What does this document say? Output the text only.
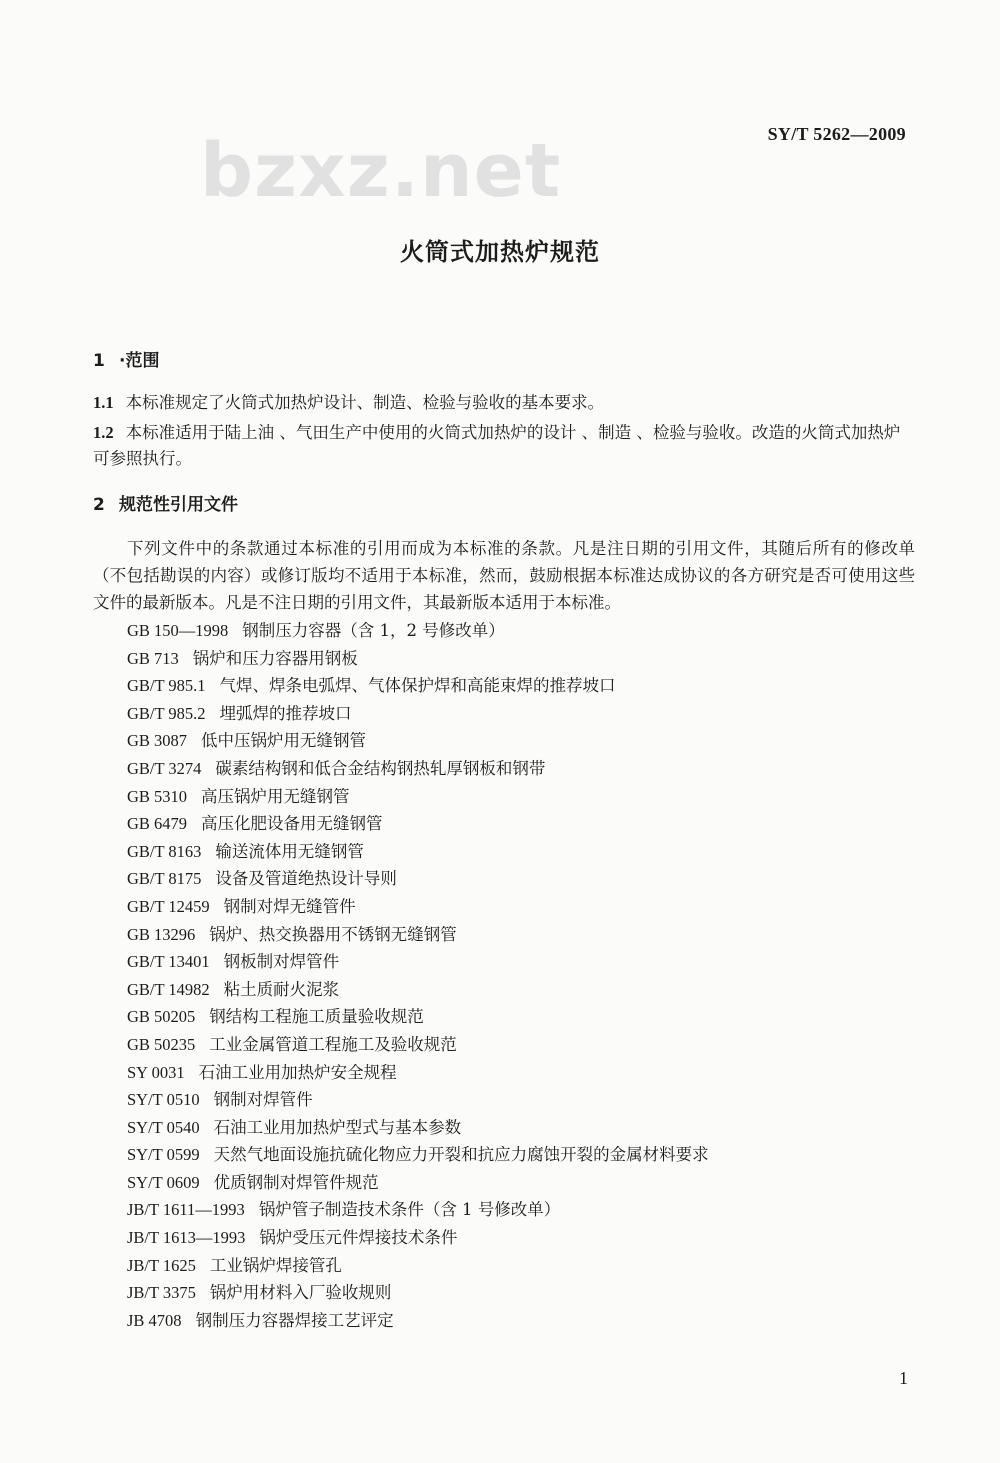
SY/T 5262—2009
bzxz.net
火筒式加热炉规范
1 ·范围
1.1 本标准规定了火筒式加热炉设计、制造、检验与验收的基本要求。
1.2 本标准适用于陆上油 、气田生产中使用的火筒式加热炉的设计 、制造 、检验与验收。改造的火筒式加热炉可参照执行。
2 规范性引用文件
下列文件中的条款通过本标准的引用而成为本标准的条款。凡是注日期的引用文件，其随后所有的修改单（不包括勘误的内容）或修订版均不适用于本标准，然而，鼓励根据本标准达成协议的各方研究是否可使用这些文件的最新版本。凡是不注日期的引用文件，其最新版本适用于本标准。
GB 150—1998 钢制压力容器（含 1，2 号修改单）
GB 713 锅炉和压力容器用钢板
GB/T 985.1 气焊、焊条电弧焊、气体保护焊和高能束焊的推荐坡口
GB/T 985.2 埋弧焊的推荐坡口
GB 3087 低中压锅炉用无缝钢管
GB/T 3274 碳素结构钢和低合金结构钢热轧厚钢板和钢带
GB 5310 高压锅炉用无缝钢管
GB 6479 高压化肥设备用无缝钢管
GB/T 8163 输送流体用无缝钢管
GB/T 8175 设备及管道绝热设计导则
GB/T 12459 钢制对焊无缝管件
GB 13296 锅炉、热交换器用不锈钢无缝钢管
GB/T 13401 钢板制对焊管件
GB/T 14982 粘土质耐火泥浆
GB 50205 钢结构工程施工质量验收规范
GB 50235 工业金属管道工程施工及验收规范
SY 0031 石油工业用加热炉安全规程
SY/T 0510 钢制对焊管件
SY/T 0540 石油工业用加热炉型式与基本参数
SY/T 0599 天然气地面设施抗硫化物应力开裂和抗应力腐蚀开裂的金属材料要求
SY/T 0609 优质钢制对焊管件规范
JB/T 1611—1993 锅炉管子制造技术条件（含 1 号修改单）
JB/T 1613—1993 锅炉受压元件焊接技术条件
JB/T 1625 工业锅炉焊接管孔
JB/T 3375 锅炉用材料入厂验收规则
JB 4708 钢制压力容器焊接工艺评定
1
